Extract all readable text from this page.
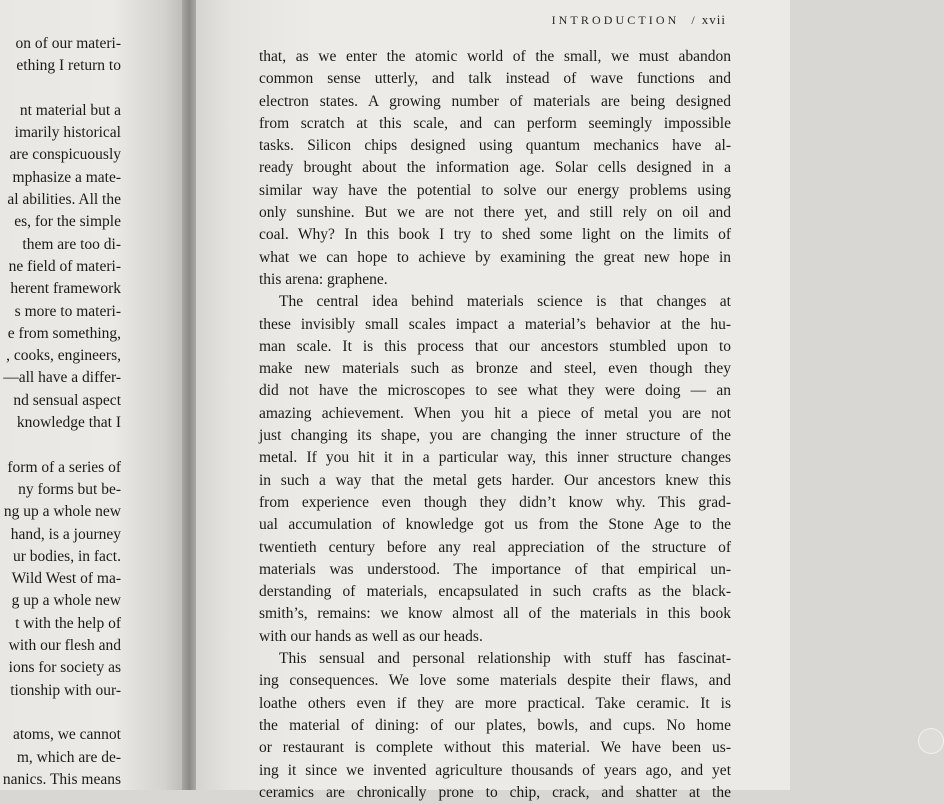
on of our materi-
ething I return to
nt material but a
imarily historical
are conspicuously
mphasize a mate-
al abilities. All the
es, for the simple
them are too di-
ne field of materi-
herent framework
s more to materi-
e from something,
, cooks, engineers,
—all have a differ-
nd sensual aspect
knowledge that I
form of a series of
ny forms but be-
ng up a whole new
hand, is a journey
ur bodies, in fact.
Wild West of ma-
g up a whole new
t with the help of
with our flesh and
ions for society as
tionship with our-
atoms, we cannot
m, which are de-
nanics. This means
INTRODUCTION / xvii
that, as we enter the atomic world of the small, we must abandon
common sense utterly, and talk instead of wave functions and
electron states. A growing number of materials are being designed
from scratch at this scale, and can perform seemingly impossible
tasks. Silicon chips designed using quantum mechanics have al-
ready brought about the information age. Solar cells designed in a
similar way have the potential to solve our energy problems using
only sunshine. But we are not there yet, and still rely on oil and
coal. Why? In this book I try to shed some light on the limits of
what we can hope to achieve by examining the great new hope in
this arena: graphene.
The central idea behind materials science is that changes at
these invisibly small scales impact a material’s behavior at the hu-
man scale. It is this process that our ancestors stumbled upon to
make new materials such as bronze and steel, even though they
did not have the microscopes to see what they were doing — an
amazing achievement. When you hit a piece of metal you are not
just changing its shape, you are changing the inner structure of the
metal. If you hit it in a particular way, this inner structure changes
in such a way that the metal gets harder. Our ancestors knew this
from experience even though they didn’t know why. This grad-
ual accumulation of knowledge got us from the Stone Age to the
twentieth century before any real appreciation of the structure of
materials was understood. The importance of that empirical un-
derstanding of materials, encapsulated in such crafts as the black-
smith’s, remains: we know almost all of the materials in this book
with our hands as well as our heads.
This sensual and personal relationship with stuff has fascinat-
ing consequences. We love some materials despite their flaws, and
loathe others even if they are more practical. Take ceramic. It is
the material of dining: of our plates, bowls, and cups. No home
or restaurant is complete without this material. We have been us-
ing it since we invented agriculture thousands of years ago, and yet
ceramics are chronically prone to chip, crack, and shatter at the
